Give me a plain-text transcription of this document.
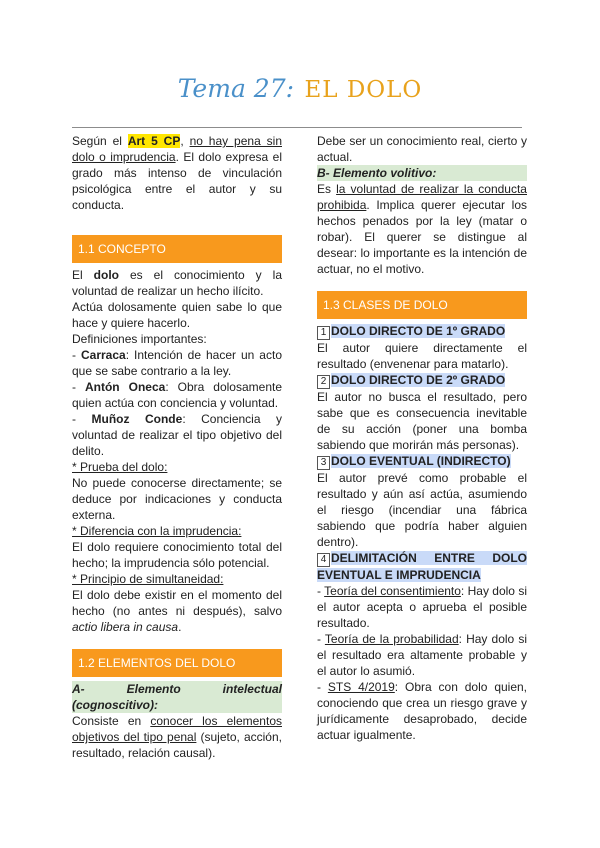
Tema 27: EL DOLO

Según el Art 5 CP, no hay pena sin dolo o imprudencia. El dolo expresa el grado más intenso de vinculación psicológica entre el autor y su conducta.

1.1 CONCEPTO

El dolo es el conocimiento y la voluntad de realizar un hecho ilícito.

Actúa dolosamente quien sabe lo que hace y quiere hacerlo.

Definiciones importantes:

- Carraca: Intención de hacer un acto que se sabe contrario a la ley.

- Antón Oneca: Obra dolosamente quien actúa con conciencia y voluntad.

- Muñoz Conde: Conciencia y voluntad de realizar el tipo objetivo del delito.

* Prueba del dolo:

No puede conocerse directamente; se deduce por indicaciones y conducta externa.

* Diferencia con la imprudencia:

El dolo requiere conocimiento total del hecho; la imprudencia sólo potencial.

* Principio de simultaneidad:

El dolo debe existir en el momento del hecho (no antes ni después), salvo actio libera in causa.

1.2 ELEMENTOS DEL DOLO

A- Elemento intelectual (cognoscitivo):

Consiste en conocer los elementos objetivos del tipo penal (sujeto, acción, resultado, relación causal).

Debe ser un conocimiento real, cierto y actual.

B- Elemento volitivo:

Es la voluntad de realizar la conducta prohibida. Implica querer ejecutar los hechos penados por la ley (matar o robar). El querer se distingue al desear: lo importante es la intención de actuar, no el motivo.

1.3 CLASES DE DOLO

1 DOLO DIRECTO DE 1º GRADO

El autor quiere directamente el resultado (envenenar para matarlo).

2 DOLO DIRECTO DE 2º GRADO

El autor no busca el resultado, pero sabe que es consecuencia inevitable de su acción (poner una bomba sabiendo que morirán más personas).

3 DOLO EVENTUAL (INDIRECTO)

El autor prevé como probable el resultado y aún así actúa, asumiendo el riesgo (incendiar una fábrica sabiendo que podría haber alguien dentro).

4 DELIMITACIÓN ENTRE DOLO EVENTUAL E IMPRUDENCIA

- Teoría del consentimiento: Hay dolo si el autor acepta o aprueba el posible resultado.

- Teoría de la probabilidad: Hay dolo si el resultado era altamente probable y el autor lo asumió.

- STS 4/2019: Obra con dolo quien, conociendo que crea un riesgo grave y jurídicamente desaprobado, decide actuar igualmente.
